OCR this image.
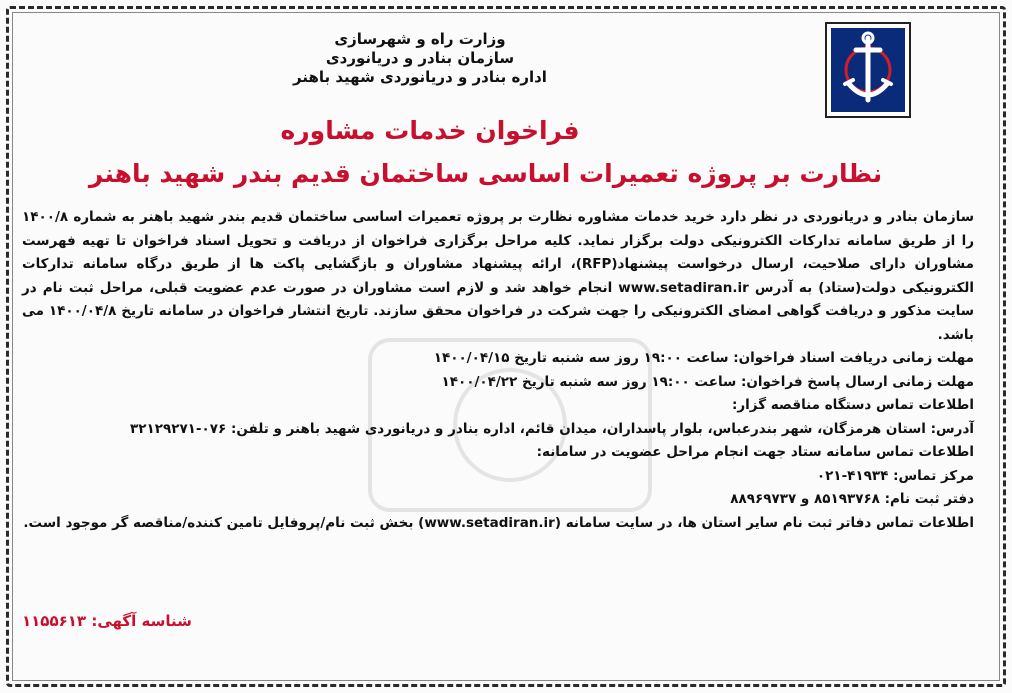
وزارت راه و شهرسازی
سازمان بنادر و دریانوردی
اداره بنادر و دریانوردی شهید باهنر
فراخوان خدمات مشاوره
نظارت بر پروژه تعمیرات اساسی ساختمان قدیم بندر شهید باهنر

سازمان بنادر و دریانوردی در نظر دارد خرید خدمات مشاوره نظارت بر پروژه تعمیرات اساسی ساختمان قدیم بندر شهید باهنر به شماره ۱۴۰۰/۸ را از طریق سامانه تدارکات الکترونیکی دولت برگزار نماید. کلیه مراحل برگزاری فراخوان از دریافت و تحویل اسناد فراخوان تا تهیه فهرست مشاوران دارای صلاحیت، ارسال درخواست پیشنهاد(RFP)، ارائه پیشنهاد مشاوران و بازگشایی پاکت ها از طریق درگاه سامانه تدارکات الکترونیکی دولت(ستاد) به آدرس www.setadiran.ir انجام خواهد شد و لازم است مشاوران در صورت عدم عضویت قبلی، مراحل ثبت نام در سایت مذکور و دریافت گواهی امضای الکترونیکی را جهت شرکت در فراخوان محقق سازند. تاریخ انتشار فراخوان در سامانه تاریخ ۱۴۰۰/۰۴/۸ می باشد.

مهلت زمانی دریافت اسناد فراخوان: ساعت ۱۹:۰۰ روز سه شنبه تاریخ ۱۴۰۰/۰۴/۱۵

مهلت زمانی ارسال پاسخ فراخوان: ساعت ۱۹:۰۰ روز سه شنبه تاریخ ۱۴۰۰/۰۴/۲۲

اطلاعات تماس دستگاه مناقصه گزار:

آدرس: استان هرمزگان، شهر بندرعباس، بلوار پاسداران، میدان قائم، اداره بنادر و دریانوردی شهید باهنر و تلفن: ۰۷۶-۳۲۱۲۹۲۷۱

اطلاعات تماس سامانه ستاد جهت انجام مراحل عضویت در سامانه:

مرکز تماس: ۴۱۹۳۴-۰۲۱

دفتر ثبت نام: ۸۵۱۹۳۷۶۸ و ۸۸۹۶۹۷۳۷

اطلاعات تماس دفاتر ثبت نام سایر استان ها، در سایت سامانه (www.setadiran.ir) بخش ثبت نام/پروفایل تامین کننده/مناقصه گر موجود است.

شناسه آگهی: ۱۱۵۵۶۱۳
